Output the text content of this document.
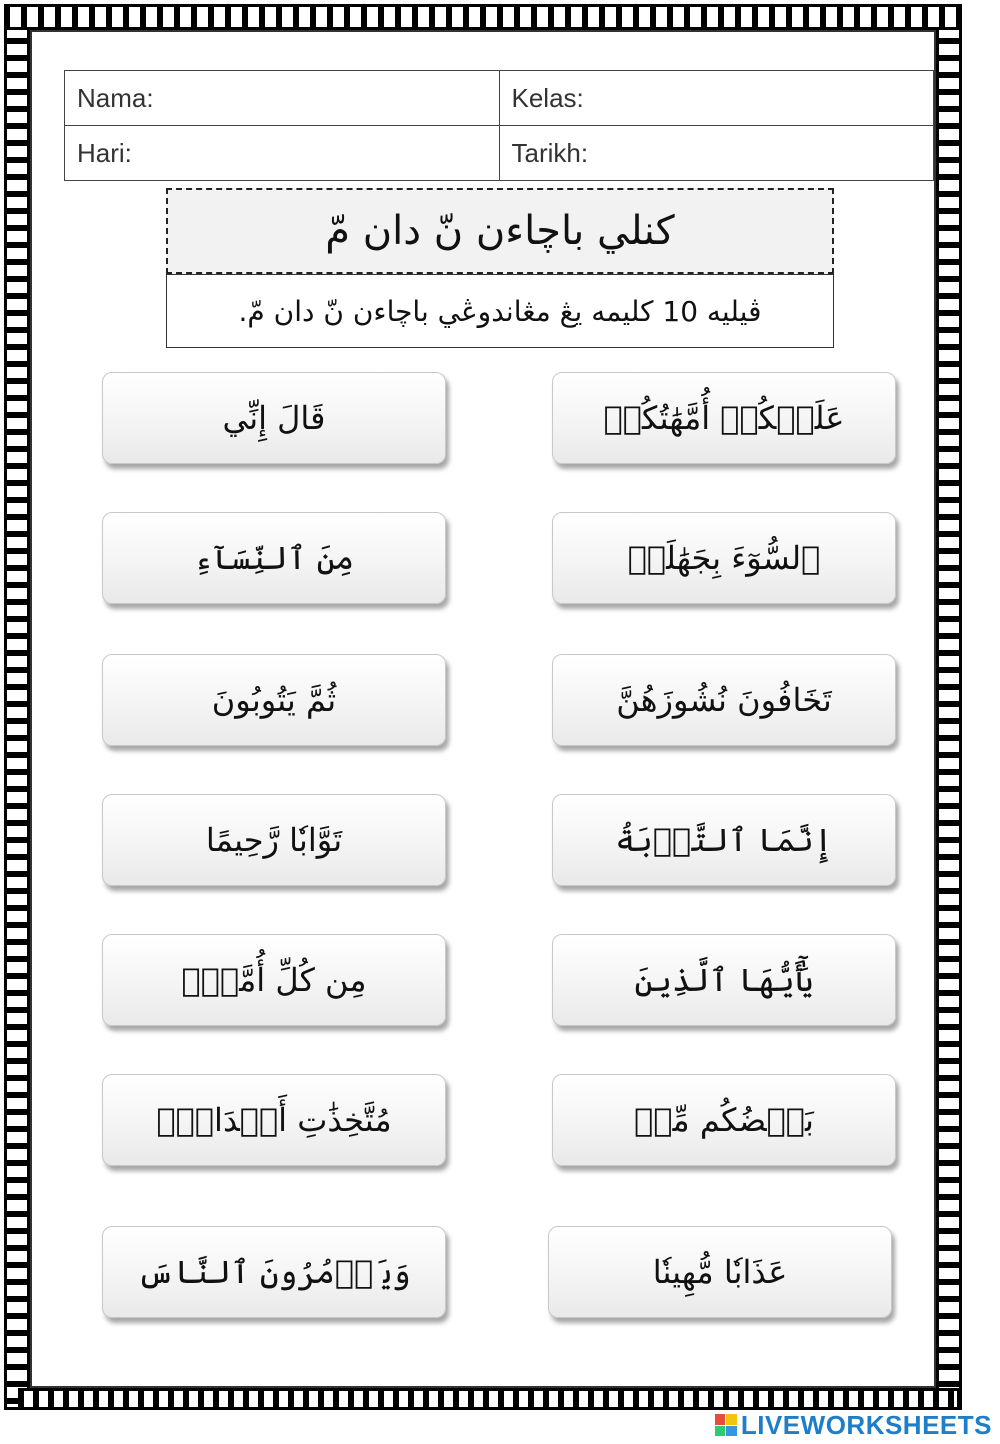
Nama:	Kelas:
Hari:	Tarikh:
كنلي باچاءن نّ دان مّ
ڤيليه 10 كليمه يڠ مڠاندوڠي باچاءن نّ دان مّ.
قَالَ إِنِّي	عَلَيۡكُمۡ أُمَّهَٰتُكُمۡ
مِنَ ٱلنِّسَآءِ	ٱلسُّوٓءَ بِجَهَٰلَةٖ
ثُمَّ يَتُوبُونَ	تَخَافُونَ نُشُوزَهُنَّ
تَوَّابٗا رَّحِيمًا	إِنَّمَا ٱلتَّوۡبَةُ
مِن كُلِّ أُمَّةِۭ	يَٰٓأَيُّهَا ٱلَّذِينَ
مُتَّخِذَٰتِ أَخۡدَانٖۚ	بَعۡضُكُم مِّنۢ
وَيَأۡمُرُونَ ٱلنَّاسَ	عَذَابٗا مُّهِينٗا
LIVEWORKSHEETS
